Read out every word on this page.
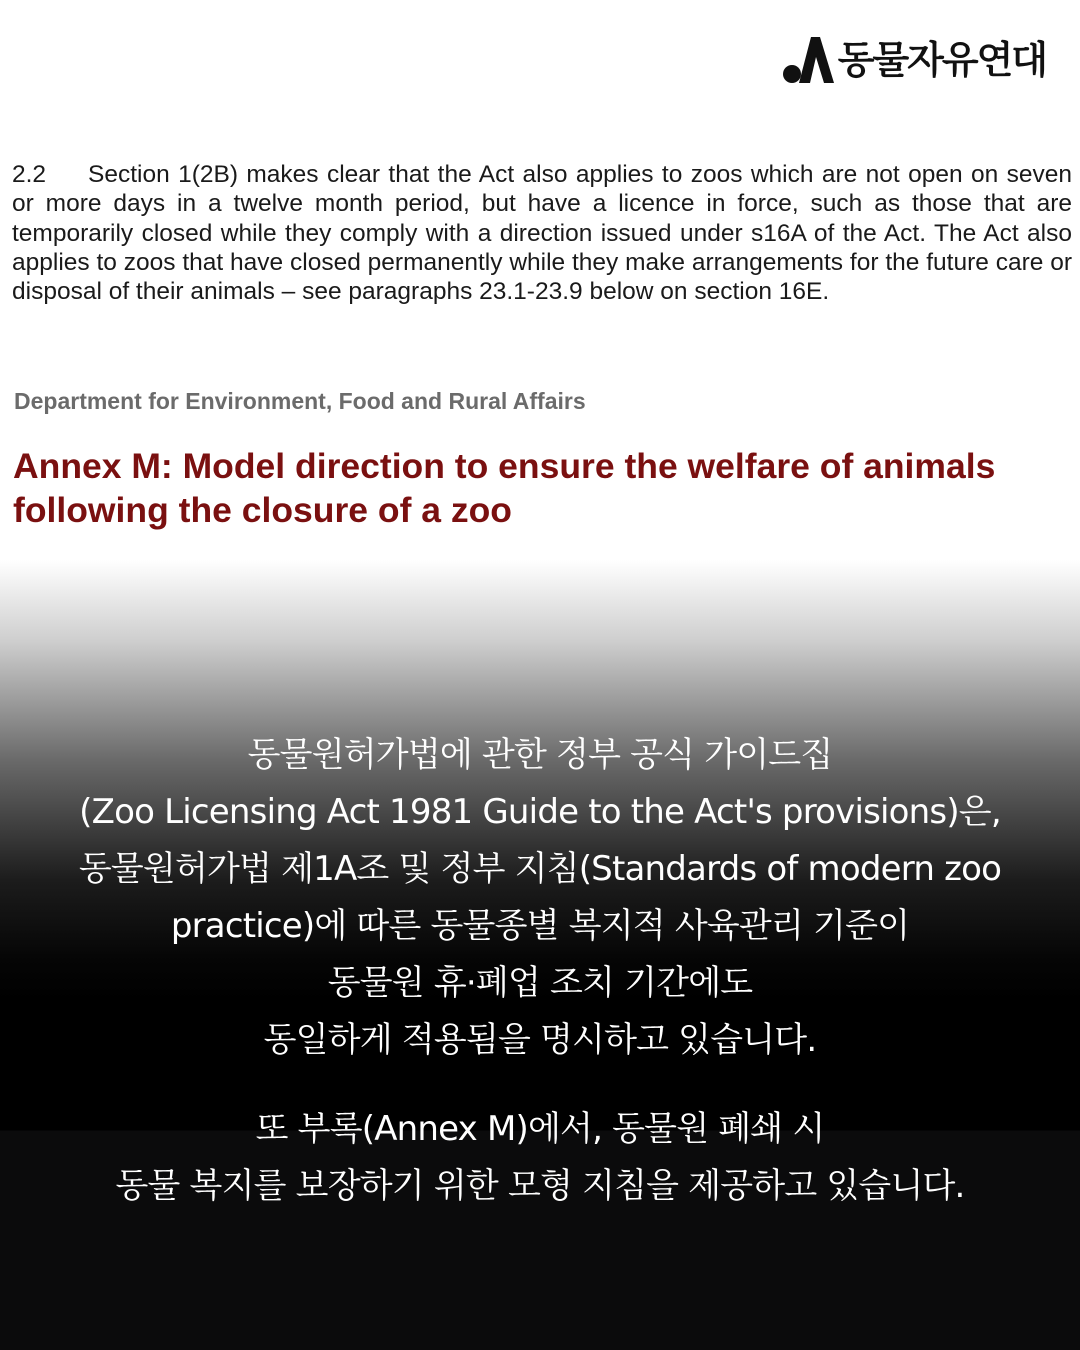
동물자유연대

2.2 Section 1(2B) makes clear that the Act also applies to zoos which are not open on seven or more days in a twelve month period, but have a licence in force, such as those that are temporarily closed while they comply with a direction issued under s16A of the Act. The Act also applies to zoos that have closed permanently while they make arrangements for the future care or disposal of their animals – see paragraphs 23.1-23.9 below on section 16E.

Department for Environment, Food and Rural Affairs

Annex M: Model direction to ensure the welfare of animals
following the closure of a zoo
동물원허가법에 관한 정부 공식 가이드집
(Zoo Licensing Act 1981 Guide to the Act's provisions)은,
동물원허가법 제1A조 및 정부 지침(Standards of modern zoo
practice)에 따른 동물종별 복지적 사육관리 기준이
동물원 휴·폐업 조치 기간에도
동일하게 적용됨을 명시하고 있습니다.
또 부록(Annex M)에서, 동물원 폐쇄 시
동물 복지를 보장하기 위한 모형 지침을 제공하고 있습니다.
